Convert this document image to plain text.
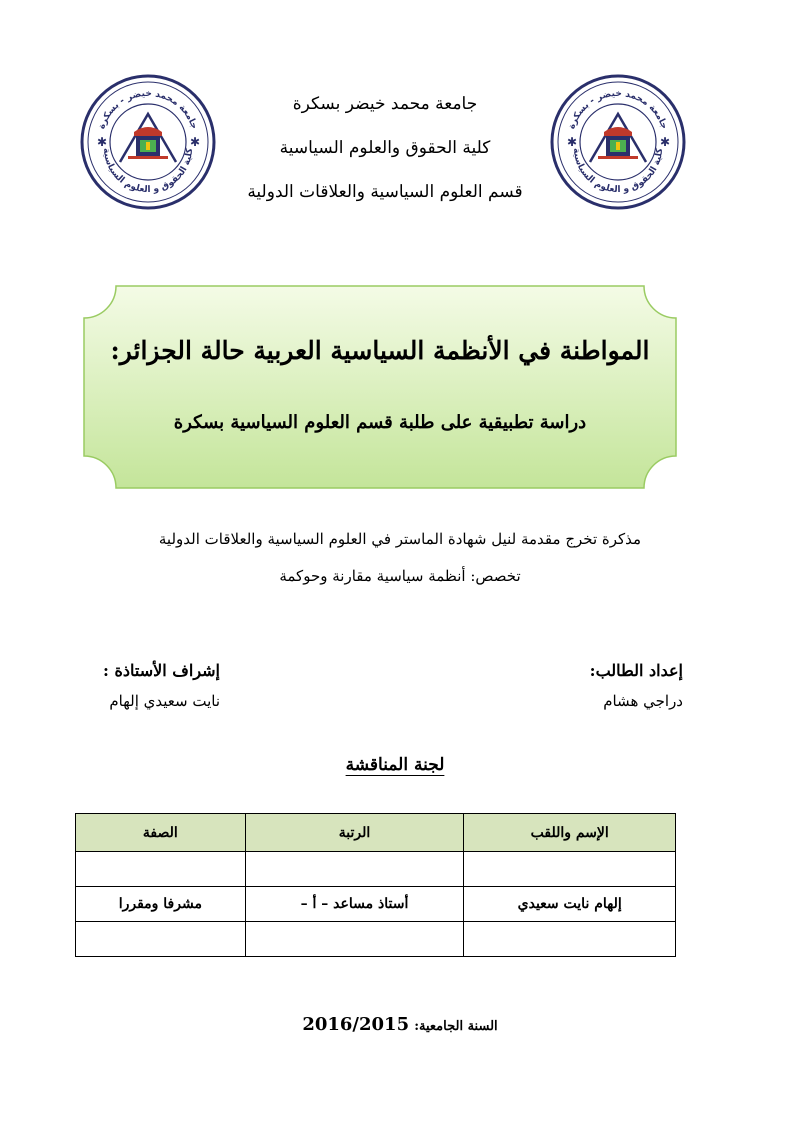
جامعة محمد خيضر بسكرة
كلية الحقوق والعلوم السياسية
قسم العلوم السياسية والعلاقات الدولية
جامعة محمد خيضر - بسكرة
كلية الحقوق و العلوم السياسية
✱	✱
جامعة محمد خيضر - بسكرة
كلية الحقوق و العلوم السياسية
✱	✱
المواطنة في الأنظمة السياسية العربية حالة الجزائر:
دراسة تطبيقية على طلبة قسم العلوم السياسية بسكرة
مذكرة تخرج مقدمة لنيل شهادة الماستر في العلوم السياسية والعلاقات الدولية
تخصص: أنظمة سياسية مقارنة وحوكمة
إعداد الطالب:
دراجي هشام
إشراف الأستاذة :
نايت سعيدي إلهام
لجنة المناقشة
الإسم واللقب	الرتبة	الصفة

إلهام نايت سعيدي	أستاذ مساعد – أ –	مشرفا ومقررا

السنة الجامعية: 2016/2015
